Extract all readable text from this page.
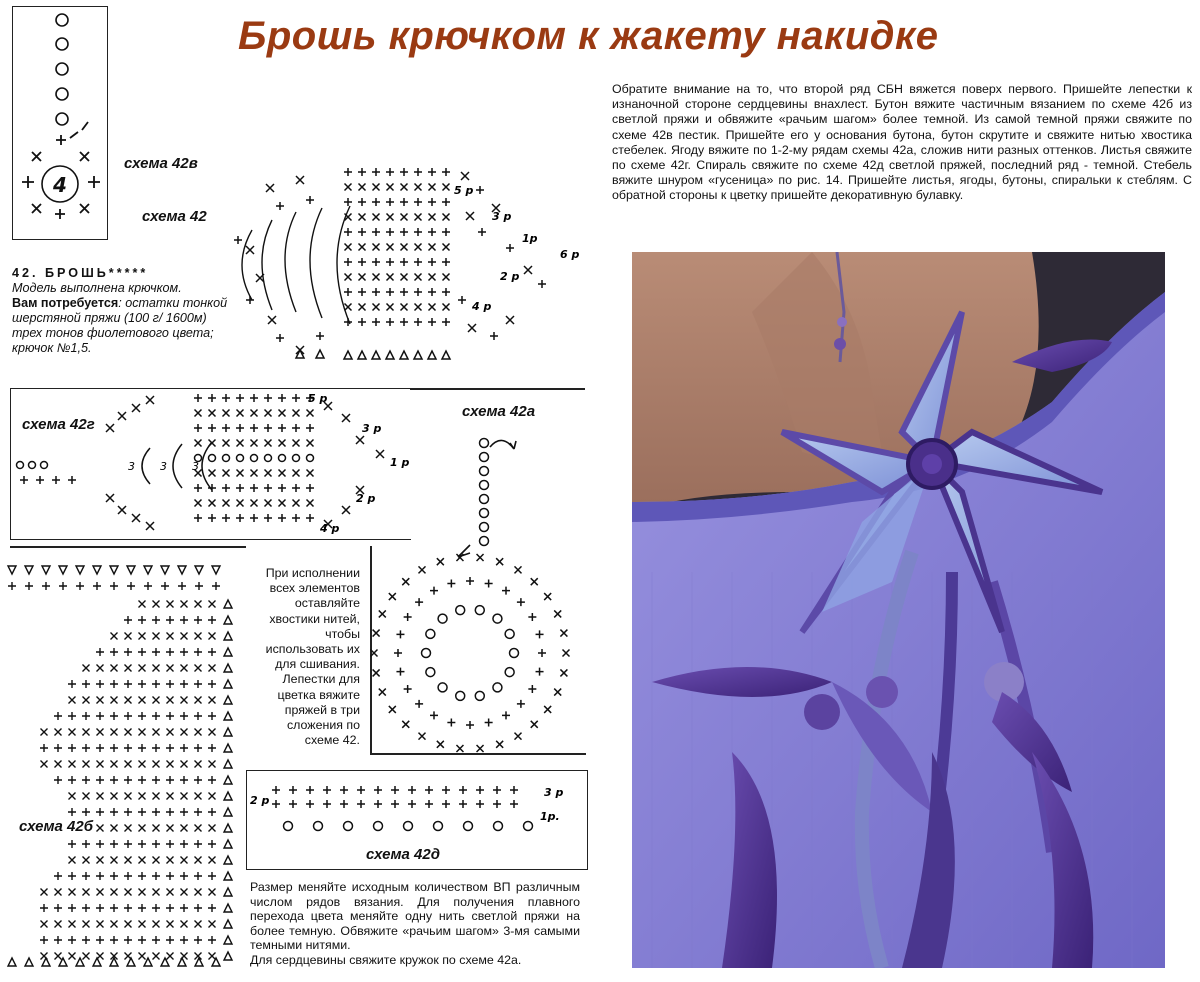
Брошь крючком к жакету накидке
4
схема 42в
схема 42
5 р
3 р
1р
6 р
2 р
4 р
42. БРОШЬ*****
Модель выполнена крючком.
Вам потребуется: остатки тонкой шерстяной пряжи (100 г/ 1600м) трех тонов фиолетового цвета; крючок №1,5.
схема 42г
3 3 3
5 р
3 р
1 р
2 р
4 р
схема 42а
схема 42б
При исполнении всех элементов оставляйте хвостики нитей, чтобы использовать их для сшивания. Лепестки для цветка вяжите пряжей в три сложения по схеме 42.
2 р
3 р
1р.
схема 42д

Размер меняйте исходным количеством ВП различным числом рядов вязания. Для получения плавного перехода цвета меняйте одну нить светлой пряжи на более темную. Обвяжите «рачьим шагом» 3-мя самыми темными нитями.

Для сердцевины свяжите кружок по схеме 42а.

Обратите внимание на то, что второй ряд СБН вяжется поверх первого. Пришейте лепестки к изнаночной стороне сердцевины внахлест. Бутон вяжите частичным вязанием по схеме 42б из светлой пряжи и обвяжите «рачьим шагом» более темной. Из самой темной пряжи свяжите по схеме 42в пестик. Пришейте его у основания бутона, бутон скрутите и свяжите нитью хвостика стебелек. Ягоду вяжите по 1-2-му рядам схемы 42а, сложив нити разных оттенков. Листья свяжите по схеме 42г. Спираль свяжите по схеме 42д светлой пряжей, последний ряд - темной. Стебель вяжите шнуром «гусеница» по рис. 14. Пришейте листья, ягоды, бутоны, спиральки к стеблям. С обратной стороны к цветку пришейте декоративную булавку.
